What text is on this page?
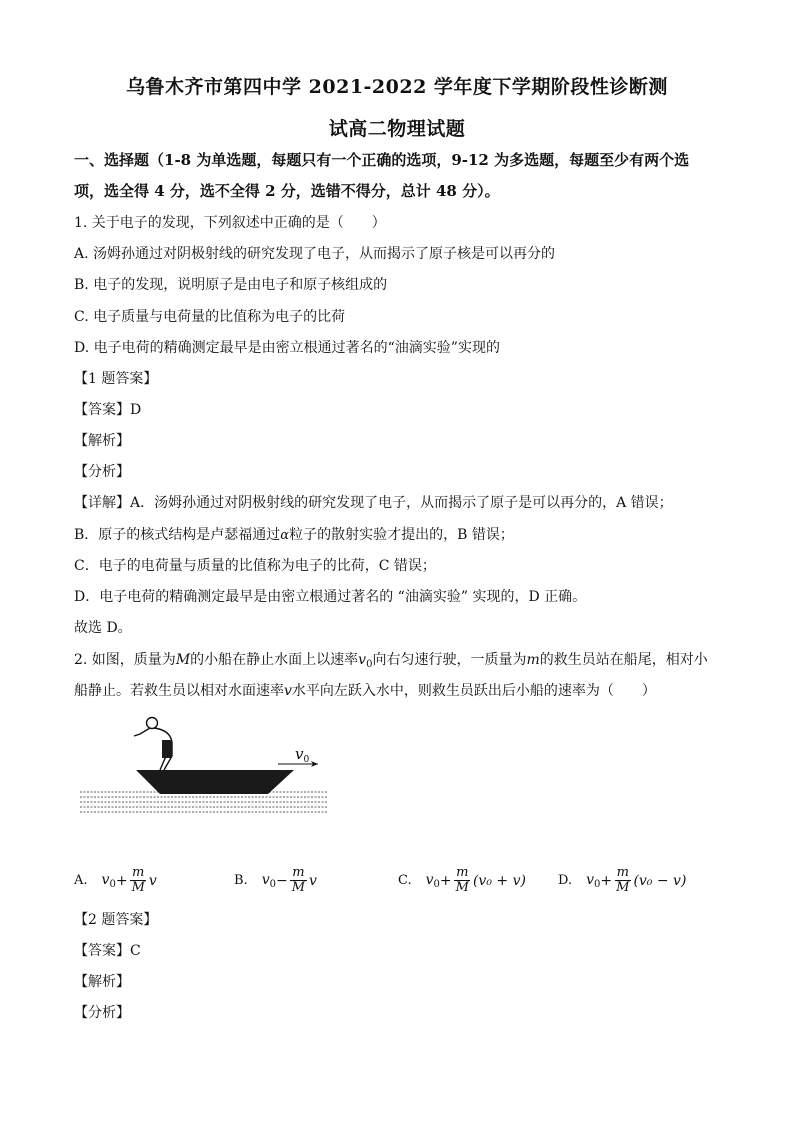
乌鲁木齐市第四中学 2021-2022 学年度下学期阶段性诊断测
试高二物理试题
一、选择题（1-8 为单选题，每题只有一个正确的选项，9-12 为多选题，每题至少有两个选
项，选全得 4 分，选不全得 2 分，选错不得分，总计 48 分）。
1. 关于电子的发现，下列叙述中正确的是（　　）
A. 汤姆孙通过对阴极射线的研究发现了电子，从而揭示了原子核是可以再分的
B. 电子的发现，说明原子是由电子和原子核组成的
C. 电子质量与电荷量的比值称为电子的比荷
D. 电子电荷的精确测定最早是由密立根通过著名的“油滴实验”实现的
【1 题答案】
【答案】D
【解析】
【分析】
【详解】A．汤姆孙通过对阴极射线的研究发现了电子，从而揭示了原子是可以再分的，A 错误；
B．原子的核式结构是卢瑟福通过α粒子的散射实验才提出的，B 错误；
C．电子的电荷量与质量的比值称为电子的比荷，C 错误；
D．电子电荷的精确测定最早是由密立根通过著名的 “油滴实验” 实现的，D 正确。
故选 D。
2. 如图，质量为M的小船在静止水面上以速率$v_0$向右匀速行驶，一质量为m的救生员站在船尾，相对小
船静止。若救生员以相对水面速率v水平向左跃入水中，则救生员跃出后小船的速率为（　　）
$v_0$
A. $v_0 + \frac{m}{M}$ v	B. $v_0 - \frac{m}{M}$ v	C. $v_0 + \frac{m}{M} (v_0 + v)$ D. $v_0 + \frac{m}{M} (v_0 - v)$
【2 题答案】
【答案】C
【解析】
【分析】
